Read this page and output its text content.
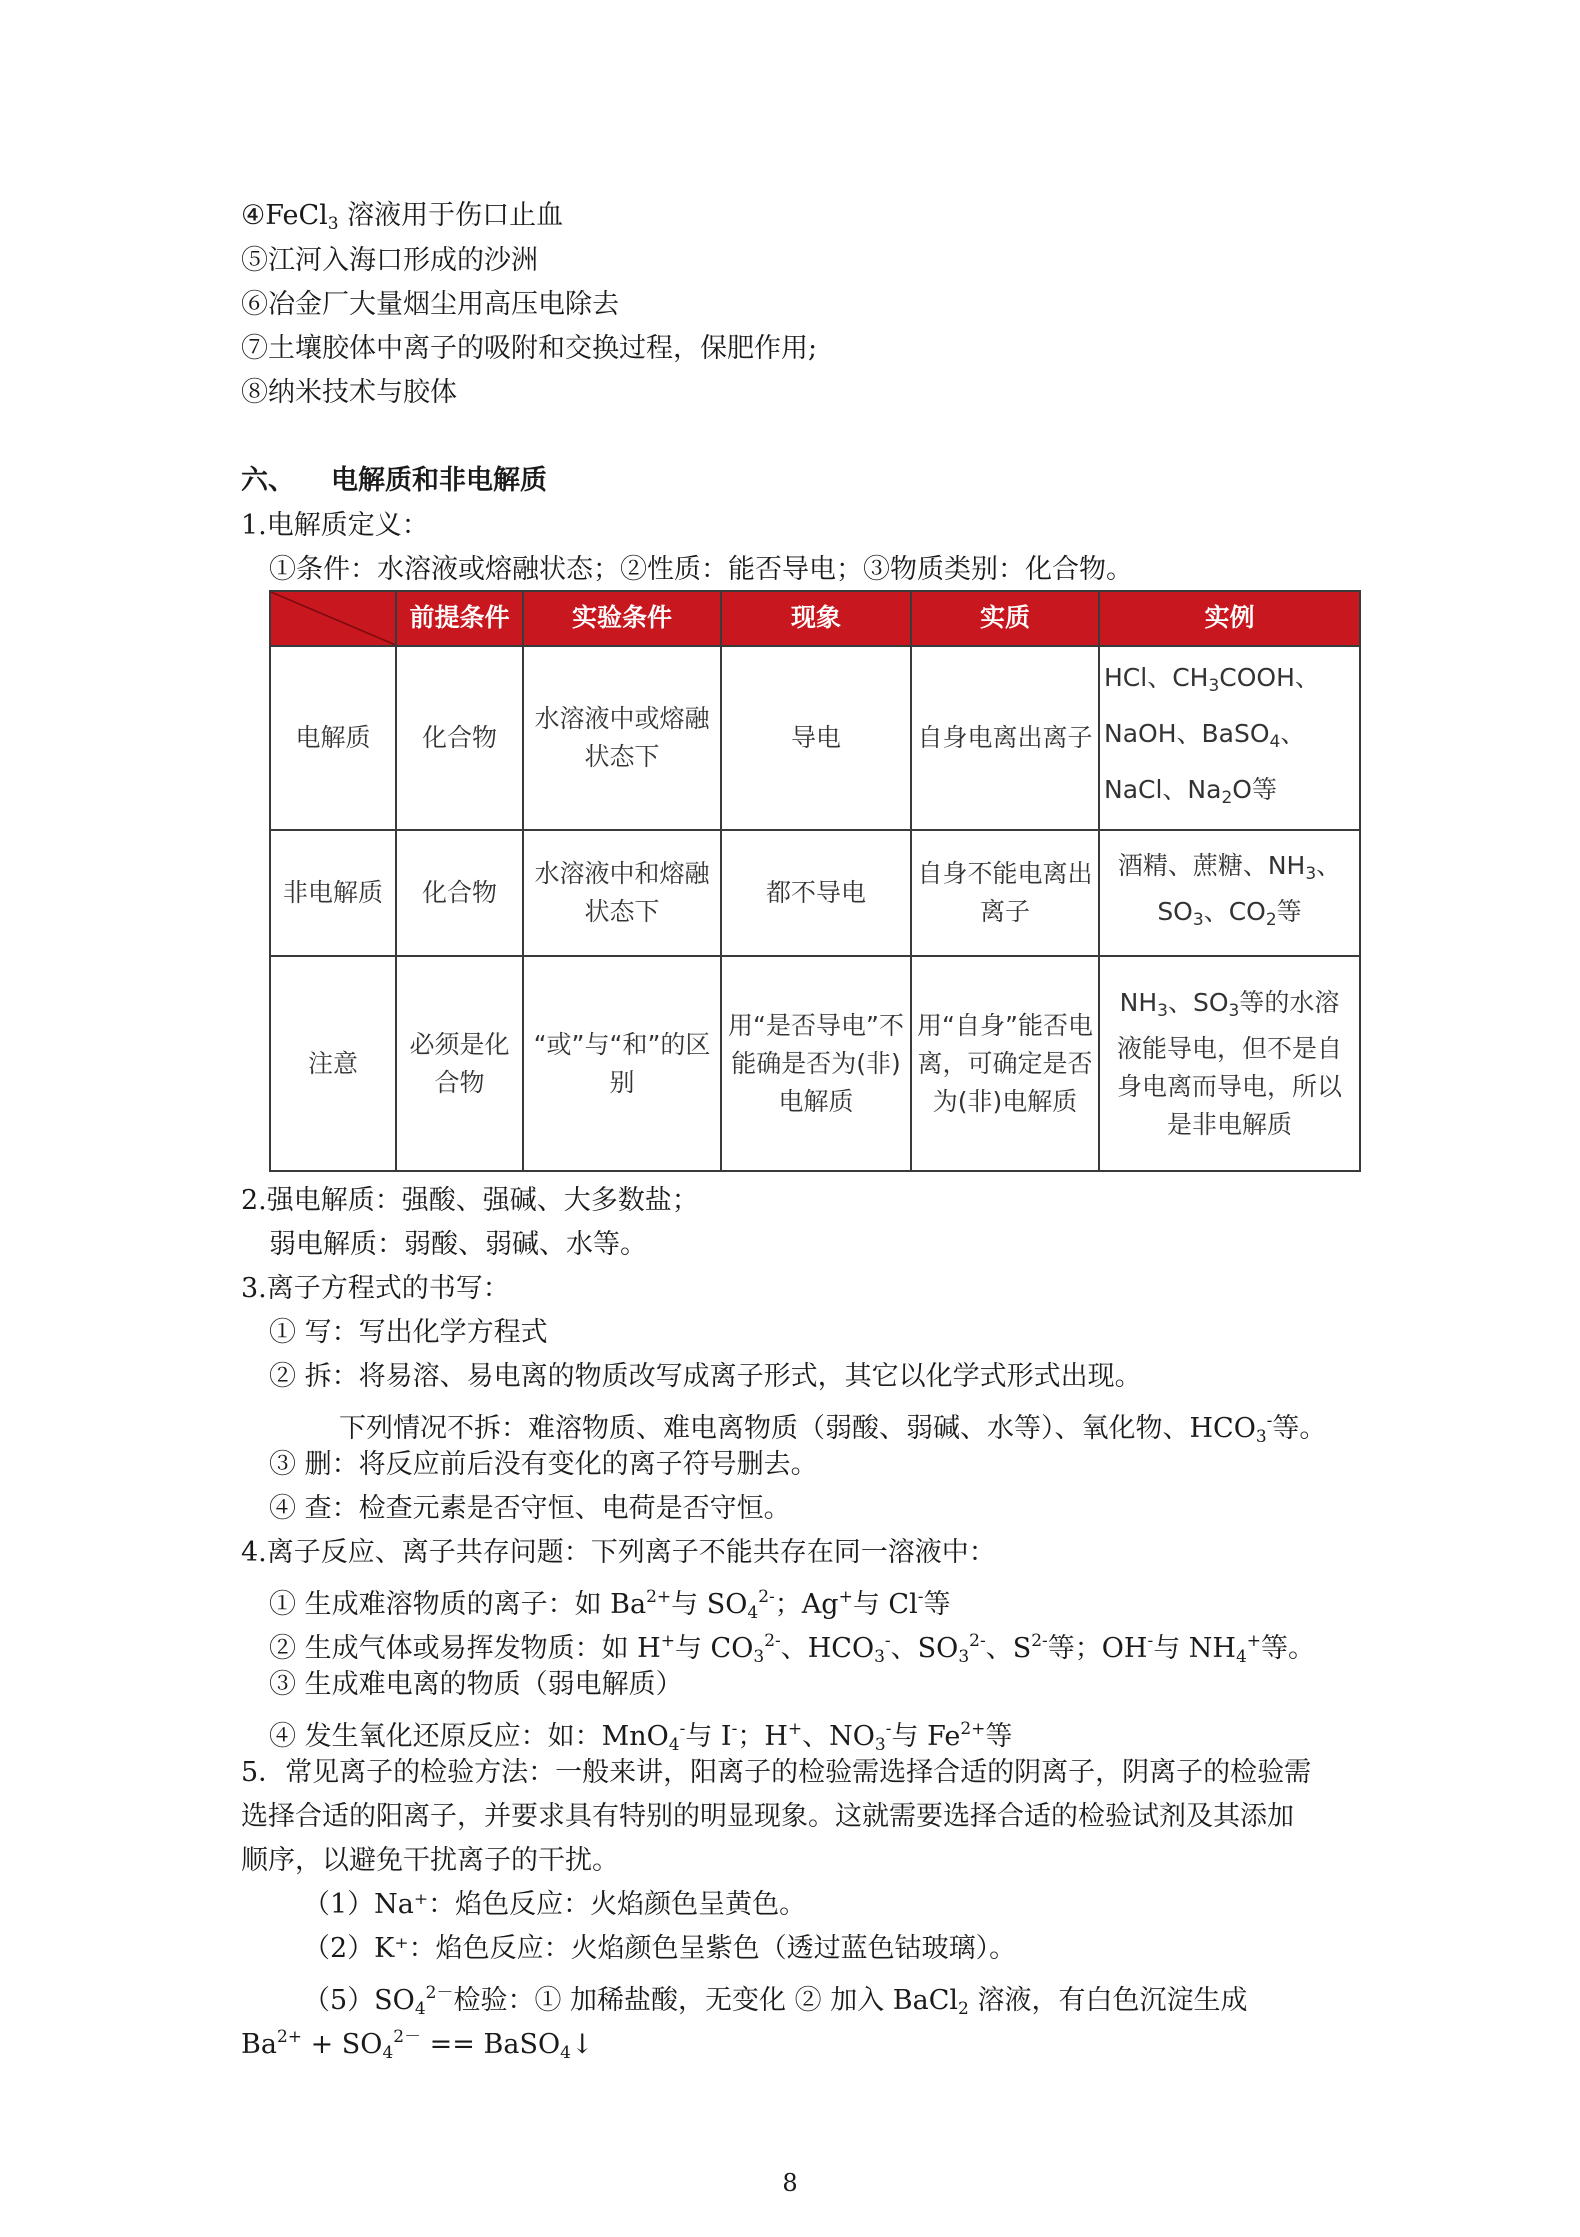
④FeCl$_3$ 溶液用于伤口止血
⑤江河入海口形成的沙洲
⑥冶金厂大量烟尘用高压电除去
⑦土壤胶体中离子的吸附和交换过程，保肥作用;
⑧纳米技术与胶体
六、 电解质和非电解质
1.电解质定义：
①条件：水溶液或熔融状态；②性质：能否导电；③物质类别：化合物。
	前提条件	实验条件	现象	实质	实例
电解质	化合物	水溶液中或熔融状态下	导电	自身电离出离子	HCl、$CH_3COOH$、
NaOH、BaSO$_4$、
NaCl、$Na_2O$等

非电解质	化合物	水溶液中和熔融状态下	都不导电	自身不能电离出离子	酒精、蔗糖、$NH_3$、
$SO_3$、$CO_2$等

注意	必须是化合物	“或”与“和”的区别	用“是否导电”不能确是否为(非)电解质	用“自身”能否电离，可确定是否为(非)电解质	$NH_3$、$SO_3$等的水溶
液能导电，但不是自
身电离而导电，所以
是非电解质
2.强电解质：强酸、强碱、大多数盐；
弱电解质：弱酸、弱碱、水等。
3.离子方程式的书写：
① 写：写出化学方程式
② 拆：将易溶、易电离的物质改写成离子形式，其它以化学式形式出现。
下列情况不拆：难溶物质、难电离物质（弱酸、弱碱、水等）、氧化物、$HCO_3^-$等。
③ 删：将反应前后没有变化的离子符号删去。
④ 查：检查元素是否守恒、电荷是否守恒。
4.离子反应、离子共存问题：下列离子不能共存在同一溶液中：
① 生成难溶物质的离子：如 $Ba^{2+}$与 $SO_4^{2-}$；Ag+与 Cl-等
② 生成气体或易挥发物质：如 H+与 $CO_3^{2-}$、$HCO_3^-$、$SO_3^{2-}$、$S^{2-}$等；OH-与 $NH_4^+$等。
③ 生成难电离的物质（弱电解质）
④ 发生氧化还原反应：如：MnO$_4$-与 I-；H+、$NO_3^-$与 $Fe^{2+}$等
5．常见离子的检验方法：一般来讲，阳离子的检验需选择合适的阴离子，阴离子的检验需
选择合适的阳离子，并要求具有特别的明显现象。这就需要选择合适的检验试剂及其添加
顺序，以避免干扰离子的干扰。
（1）Na⁺：焰色反应：火焰颜色呈黄色。
（2）K⁺：焰色反应：火焰颜色呈紫色（透过蓝色钴玻璃）。
$(5)SO_4^{2-}$检验：① 加稀盐酸，无变化 ② 加入 BaCl$_2$ 溶液，有白色沉淀生成
$Ba^{2+} + SO_4^{2-}$ == BaSO$_4$↓
8
